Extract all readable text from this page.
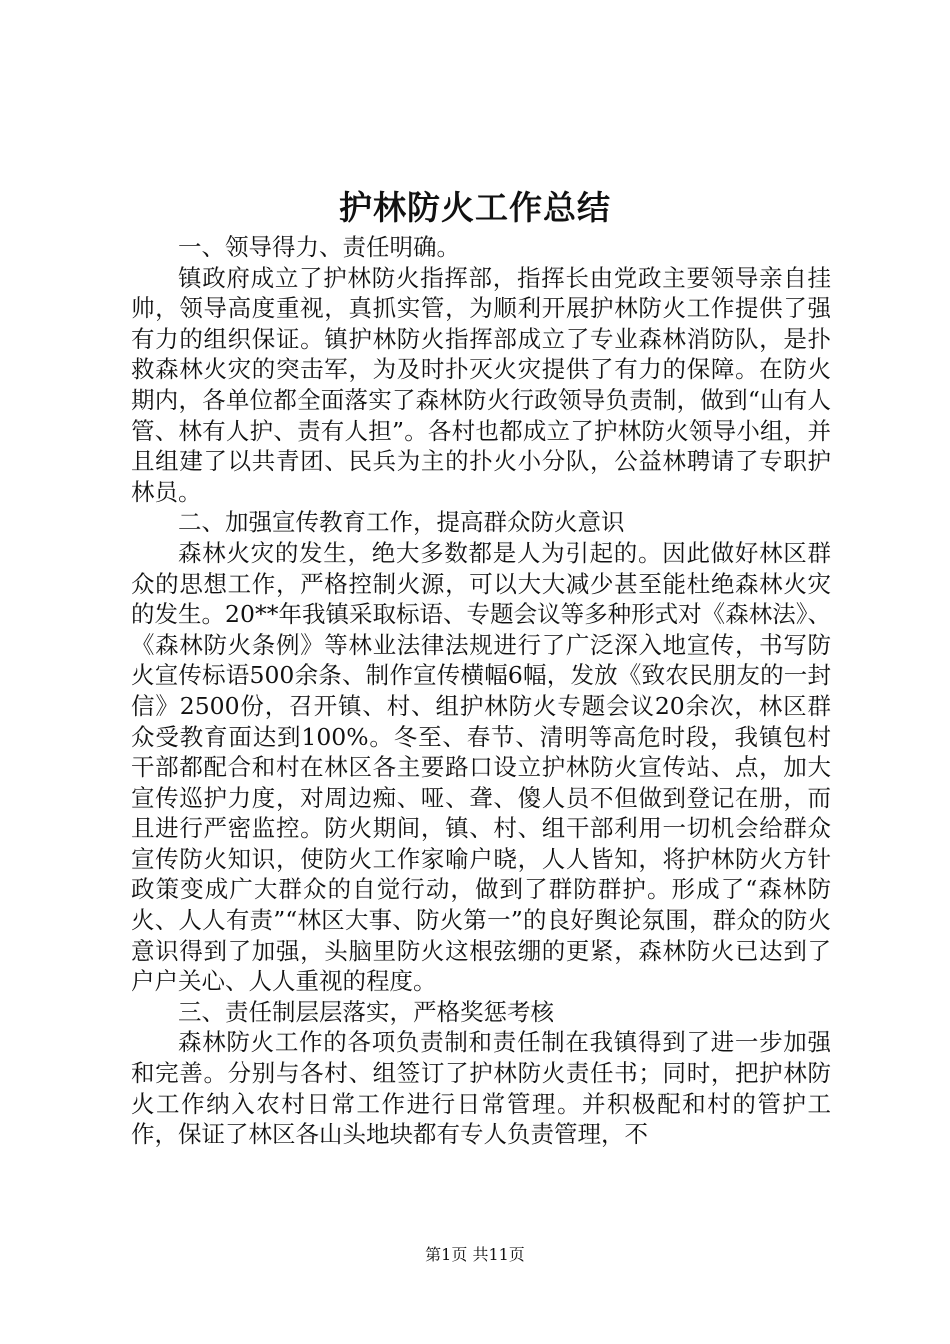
护林防火工作总结

一、领导得力、责任明确。

镇政府成立了护林防火指挥部，指挥长由党政主要领导亲自挂帅，领导高度重视，真抓实管，为顺利开展护林防火工作提供了强有力的组织保证。镇护林防火指挥部成立了专业森林消防队，是扑救森林火灾的突击军，为及时扑灭火灾提供了有力的保障。在防火期内，各单位都全面落实了森林防火行政领导负责制，做到“山有人管、林有人护、责有人担”。各村也都成立了护林防火领导小组，并且组建了以共青团、民兵为主的扑火小分队，公益林聘请了专职护林员。

二、加强宣传教育工作，提高群众防火意识

森林火灾的发生，绝大多数都是人为引起的。因此做好林区群众的思想工作，严格控制火源，可以大大减少甚至能杜绝森林火灾的发生。20**年我镇采取标语、专题会议等多种形式对《森林法》、《森林防火条例》等林业法律法规进行了广泛深入地宣传，书写防火宣传标语500余条、制作宣传横幅6幅，发放《致农民朋友的一封信》2500份，召开镇、村、组护林防火专题会议20余次，林区群众受教育面达到100%。冬至、春节、清明等高危时段，我镇包村干部都配合和村在林区各主要路口设立护林防火宣传站、点，加大宣传巡护力度，对周边痴、哑、聋、傻人员不但做到登记在册，而且进行严密监控。防火期间，镇、村、组干部利用一切机会给群众宣传防火知识，使防火工作家喻户晓，人人皆知，将护林防火方针政策变成广大群众的自觉行动，做到了群防群护。形成了“森林防火、人人有责”“林区大事、防火第一”的良好舆论氛围，群众的防火意识得到了加强，头脑里防火这根弦绷的更紧，森林防火已达到了户户关心、人人重视的程度。

三、责任制层层落实，严格奖惩考核

森林防火工作的各项负责制和责任制在我镇得到了进一步加强和完善。分别与各村、组签订了护林防火责任书；同时，把护林防火工作纳入农村日常工作进行日常管理。并积极配和村的管护工作，保证了林区各山头地块都有专人负责管理，不

第1页 共11页
